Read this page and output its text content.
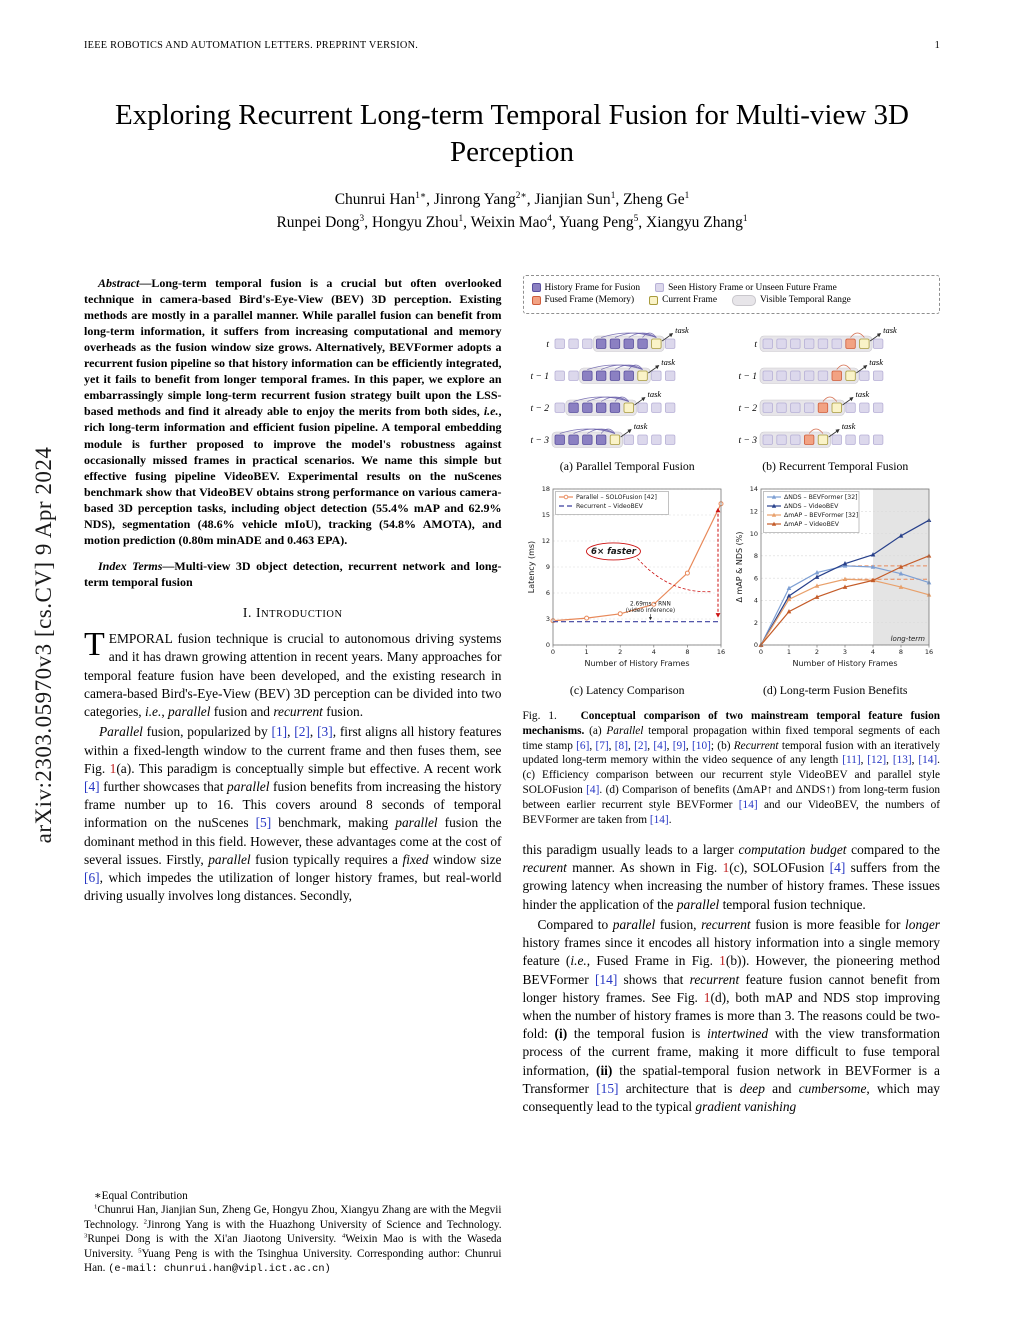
IEEE ROBOTICS AND AUTOMATION LETTERS. PREPRINT VERSION.	1
arXiv:2303.05970v3 [cs.CV] 9 Apr 2024
Exploring Recurrent Long-term Temporal Fusion for Multi-view 3D Perception
Chunrui Han$^{1∗}$, Jinrong Yang$^{2∗}$, Jianjian Sun$^1$, Zheng Ge$^1$
Runpei Dong$^3$, Hongyu Zhou$^1$, Weixin Mao$^4$, Yuang Peng$^5$, Xiangyu Zhang$^1$

Abstract—Long-term temporal fusion is a crucial but often overlooked technique in camera-based Bird's-Eye-View (BEV) 3D perception. Existing methods are mostly in a parallel manner. While parallel fusion can benefit from long-term information, it suffers from increasing computational and memory overheads as the fusion window size grows. Alternatively, BEVFormer adopts a recurrent fusion pipeline so that history information can be efficiently integrated, yet it fails to benefit from longer temporal frames. In this paper, we explore an embarrassingly simple long-term recurrent fusion strategy built upon the LSS-based methods and find it already able to enjoy the merits from both sides, i.e., rich long-term information and efficient fusion pipeline. A temporal embedding module is further proposed to improve the model's robustness against occasionally missed frames in practical scenarios. We name this simple but effective fusing pipeline VideoBEV. Experimental results on the nuScenes benchmark show that VideoBEV obtains strong performance on various camera-based 3D perception tasks, including object detection (55.4% mAP and 62.9% NDS), segmentation (48.6% vehicle mIoU), tracking (54.8% AMOTA), and motion prediction (0.80m minADE and 0.463 EPA).

Index Terms—Multi-view 3D object detection, recurrent network and long-term temporal fusion

I. INTRODUCTION

TEMPORAL fusion technique is crucial to autonomous driving systems and it has drawn growing attention in recent years. Many approaches for temporal feature fusion have been developed, and the existing research in camera-based Bird's-Eye-View (BEV) 3D perception can be divided into two categories, i.e., parallel fusion and recurrent fusion.

Parallel fusion, popularized by [1], [2], [3], first aligns all history features within a fixed-length window to the current frame and then fuses them, see Fig. 1(a). This paradigm is conceptually simple but effective. A recent work [4] further showcases that parallel fusion benefits from increasing the history frame number up to 16. This covers around 8 seconds of temporal information on the nuScenes [5] benchmark, making parallel fusion the dominant method in this field. However, these advantages come at the cost of several issues. Firstly, parallel fusion typically requires a fixed window size [6], which impedes the utilization of longer history frames, but real-world driving usually involves long distances. Secondly,

∗Equal Contribution
$^1$Chunrui Han, Jianjian Sun, Zheng Ge, Hongyu Zhou, Xiangyu Zhang are with the Megvii Technology. $^2$Jinrong Yang is with the Huazhong University of Science and Technology. $^3$Runpei Dong is with the Xi'an Jiaotong University. $^4$Weixin Mao is with the Waseda University. $^5$Yuang Peng is with the Tsinghua University. Corresponding author: Chunrui Han. (e-mail: chunrui.han@vipl.ict.ac.cn)
History Frame for Fusion	Seen History Frame or Unseen Future Frame
Fused Frame (Memory)	Current Frame	Visible Temporal Range
t
task
t − 1
task
t − 2
task
t − 3
task
(a) Parallel Temporal Fusion
t
task
t − 1
task
t − 2
task
t − 3
task
(b) Recurrent Temporal Fusion
0
3
6
9
12
15
18
0	1	2	4	8	16
Number of History Frames
Latency (ms)
Parallel – SOLOFusion [42]
Recurrent – VideoBEV
6× faster
2.69ms – RNN
(video inference)
(c) Latency Comparison
long-term
0
2
4
6
8
10
12
14
0	1	2	3	4	8	16
Number of History Frames
Δ mAP & NDS (%)
ΔNDS – BEVFormer [32]
ΔNDS – VideoBEV
ΔmAP – BEVFormer [32]
ΔmAP – VideoBEV
(d) Long-term Fusion Benefits
Fig. 1.   Conceptual comparison of two mainstream temporal feature fusion mechanisms. (a) Parallel temporal propagation within fixed temporal segments of each time stamp [6], [7], [8], [2], [4], [9], [10]; (b) Recurrent temporal fusion with an iteratively updated long-term memory within the video sequence of any length [11], [12], [13], [14]. (c) Efficiency comparison between our recurrent style VideoBEV and parallel style SOLOFusion [4]. (d) Comparison of benefits (ΔmAP↑ and ΔNDS↑) from long-term fusion between earlier recurrent style BEVFormer [14] and our VideoBEV, the numbers of BEVFormer are taken from [14].

this paradigm usually leads to a larger computation budget compared to the recurent manner. As shown in Fig. 1(c), SOLOFusion [4] suffers from the growing latency when increasing the number of history frames. These issues hinder the application of the parallel temporal fusion technique.

Compared to parallel fusion, recurrent fusion is more feasible for longer history frames since it encodes all history information into a single memory feature (i.e., Fused Frame in Fig. 1(b)). However, the pioneering method BEVFormer [14] shows that recurrent feature fusion cannot benefit from longer history frames. See Fig. 1(d), both mAP and NDS stop improving when the number of history frames is more than 3. The reasons could be two-fold: (i) the temporal fusion is intertwined with the view transformation process of the current frame, making it more difficult to fuse temporal information, (ii) the spatial-temporal fusion network in BEVFormer is a Transformer [15] architecture that is deep and cumbersome, which may consequently lead to the typical gradient vanishing
